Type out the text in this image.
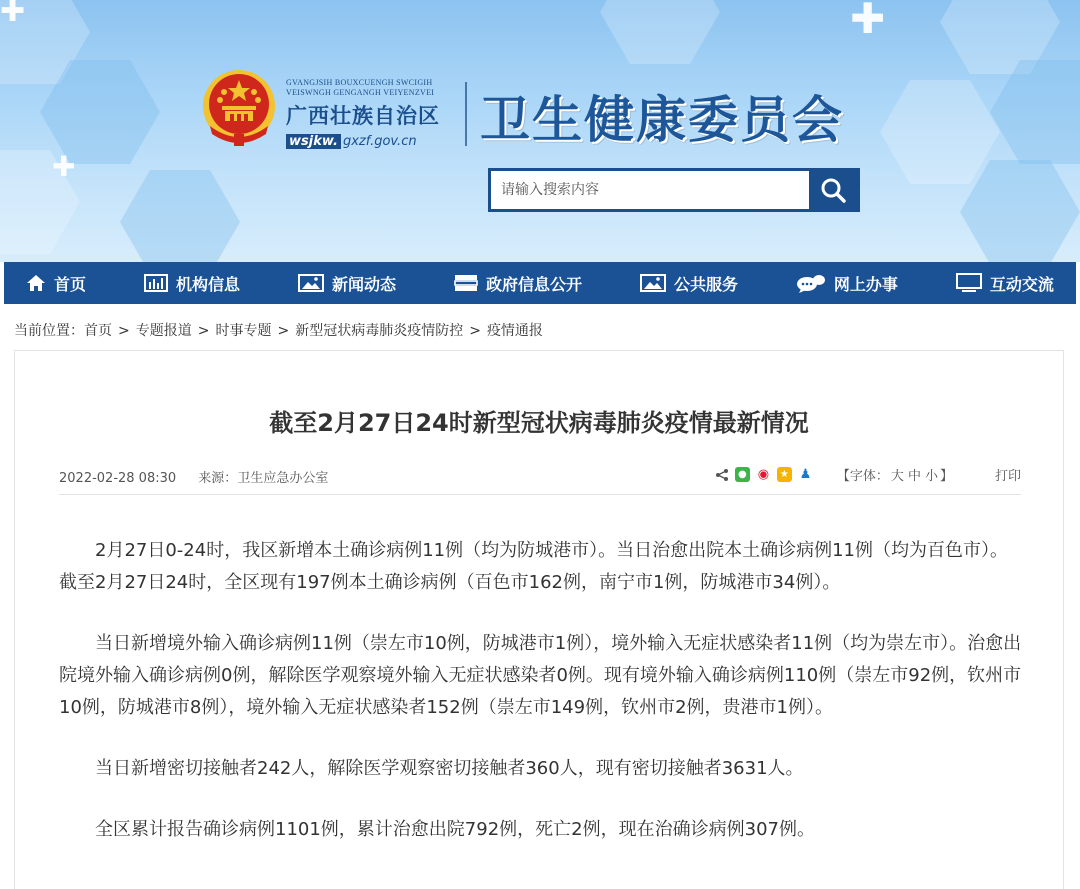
✚
✚
✚
GVANGJSIH BOUXCUENGH SWCIGIH
VEISWNGH GENGANGH VEIYENZVEI
广西壮族自治区
wsjkw. gxzf.gov.cn	卫生健康委员会
请输入搜索内容
首页	机构信息	新闻动态	政府信息公开	公共服务	网上办事	互动交流
当前位置：首页 > 专题报道 > 时事专题 > 新型冠状病毒肺炎疫情防控 > 疫情通报
截至2月27日24时新型冠状病毒肺炎疫情最新情况
2022-02-28 08:30 来源：卫生应急办公室	● ◉	★ ♟ 【字体： 大 中 小 】	打印

2月27日0-24时，我区新增本土确诊病例11例（均为防城港市）。当日治愈出院本土确诊病例11例（均为百色市）。截至2月27日24时，全区现有197例本土确诊病例（百色市162例，南宁市1例，防城港市34例）。

当日新增境外输入确诊病例11例（崇左市10例，防城港市1例），境外输入无症状感染者11例（均为崇左市）。治愈出院境外输入确诊病例0例，解除医学观察境外输入无症状感染者0例。现有境外输入确诊病例110例（崇左市92例，钦州市10例，防城港市8例），境外输入无症状感染者152例（崇左市149例，钦州市2例，贵港市1例）。

当日新增密切接触者242人，解除医学观察密切接触者360人，现有密切接触者3631人。

全区累计报告确诊病例1101例，累计治愈出院792例，死亡2例，现在治确诊病例307例。
